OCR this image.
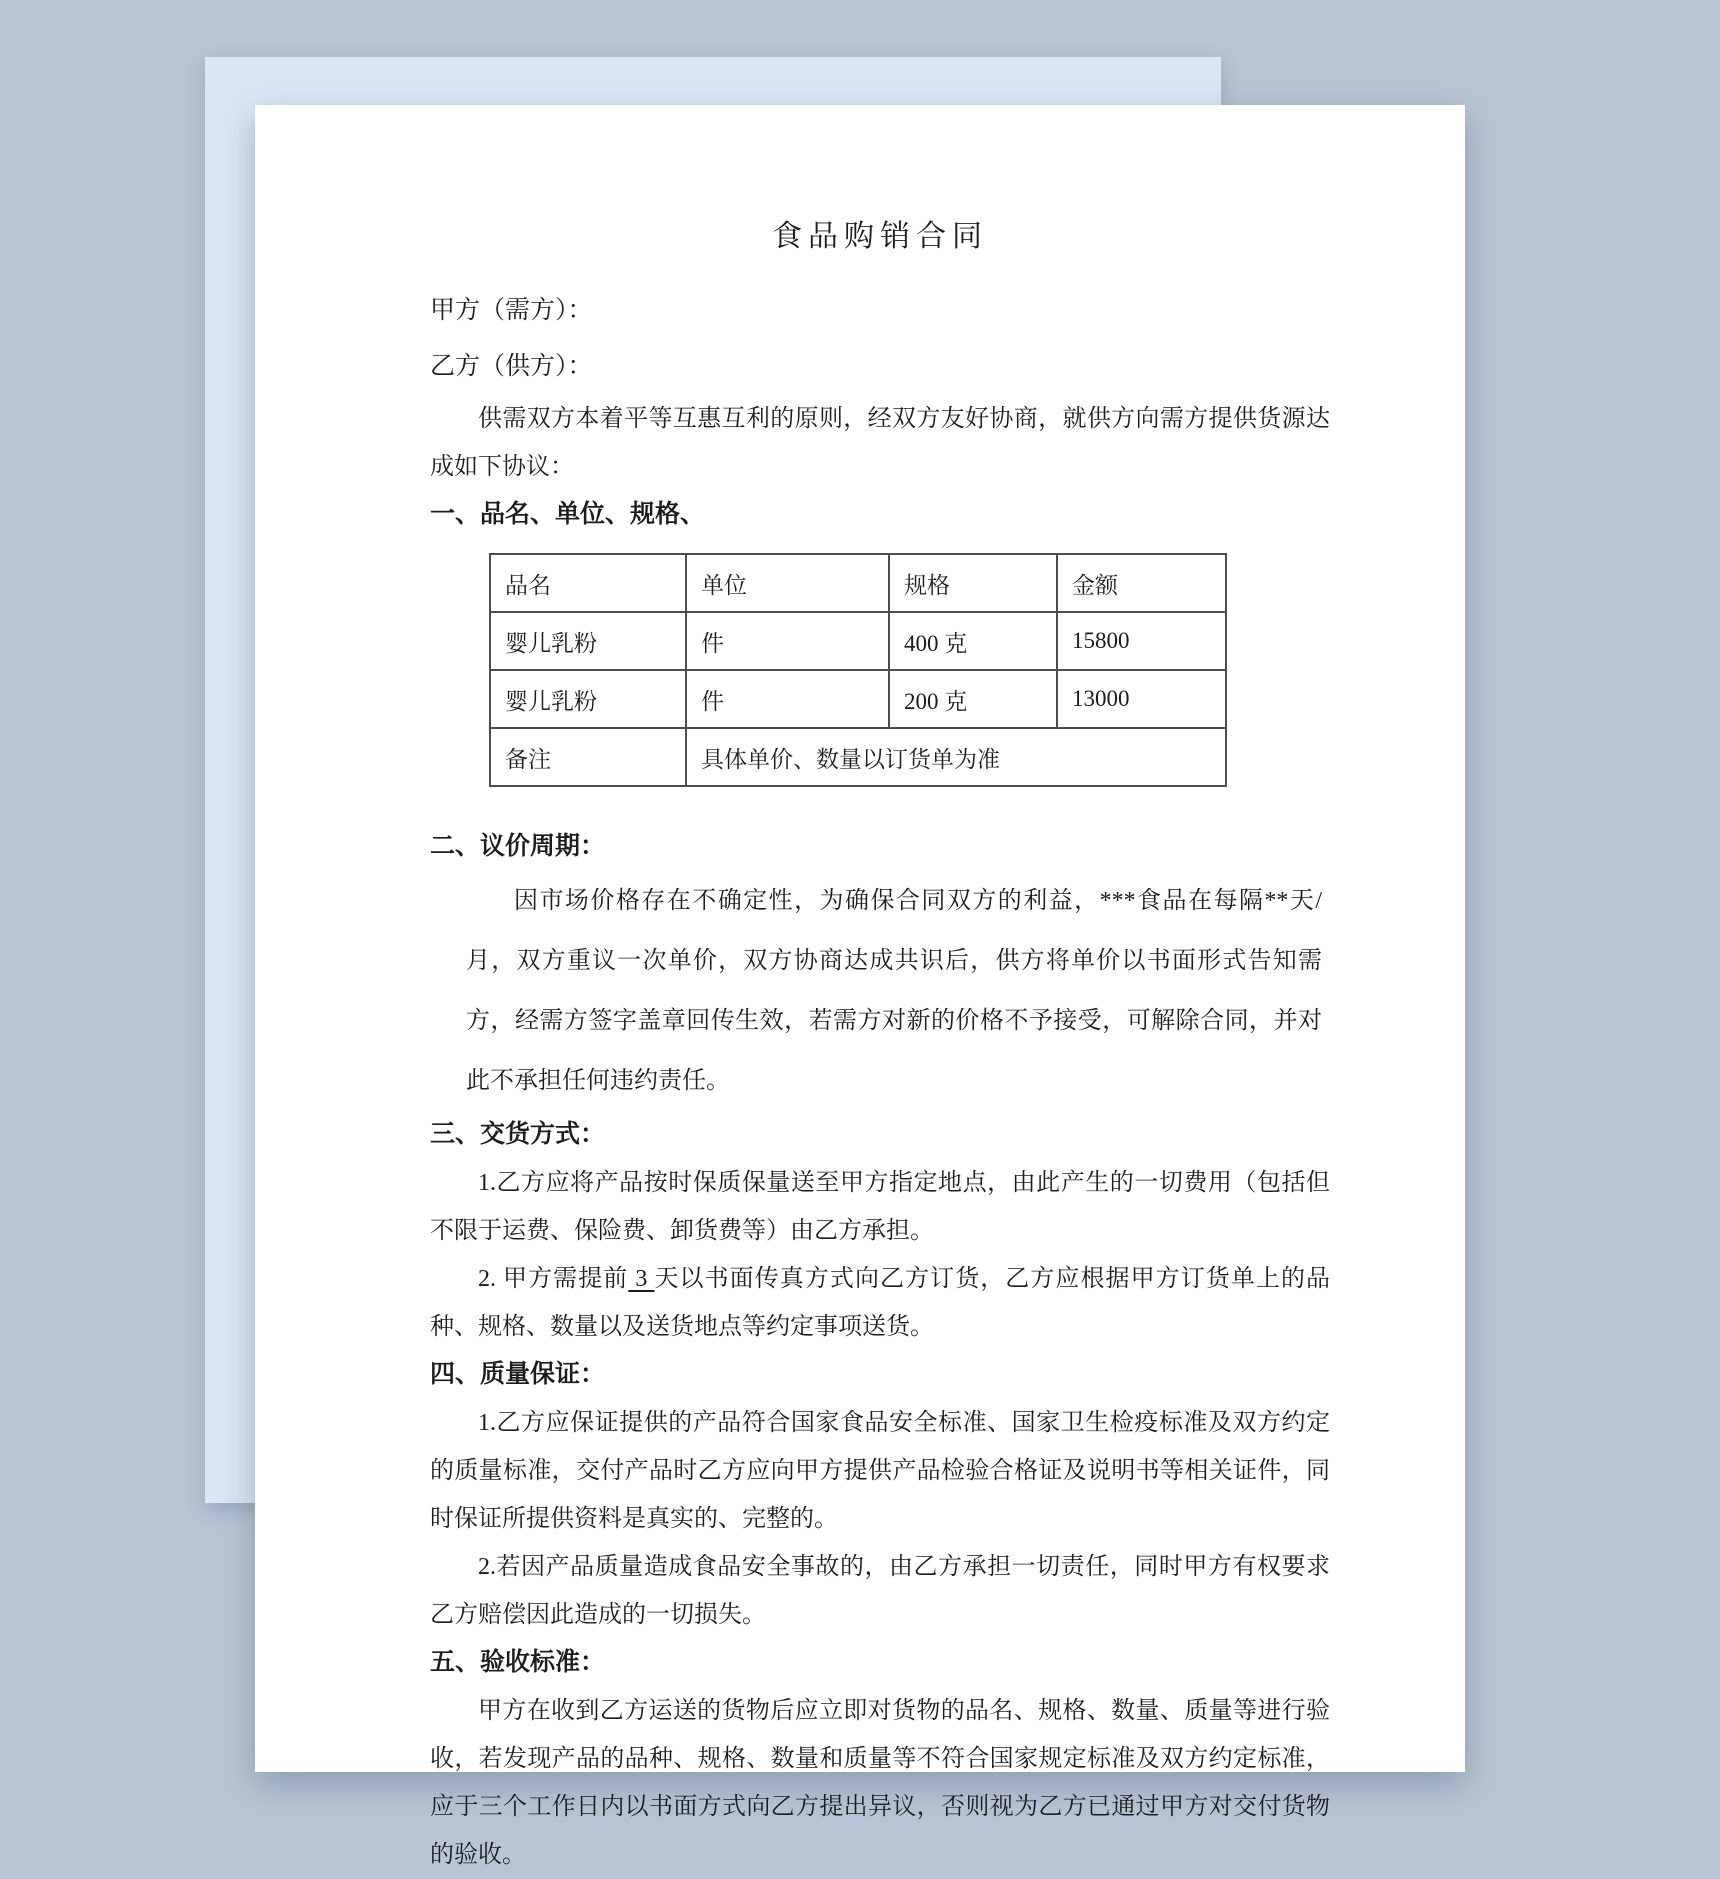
食品购销合同

甲方（需方）：

乙方（供方）：

供需双方本着平等互惠互利的原则，经双方友好协商，就供方向需方提供货源达成如下协议：

一、品名、单位、规格、
品名	单位	规格	金额
婴儿乳粉	件	400 克	15800
婴儿乳粉	件	200 克	13000
备注	具体单价、数量以订货单为准		
二、议价周期：

因市场价格存在不确定性，为确保合同双方的利益，***食品在每隔**天/月，双方重议一次单价，双方协商达成共识后，供方将单价以书面形式告知需方，经需方签字盖章回传生效，若需方对新的价格不予接受，可解除合同，并对此不承担任何违约责任。

三、交货方式：

1.乙方应将产品按时保质保量送至甲方指定地点，由此产生的一切费用（包括但不限于运费、保险费、卸货费等）由乙方承担。

2. 甲方需提前 3 天以书面传真方式向乙方订货，乙方应根据甲方订货单上的品种、规格、数量以及送货地点等约定事项送货。

四、质量保证：

1.乙方应保证提供的产品符合国家食品安全标准、国家卫生检疫标准及双方约定的质量标准，交付产品时乙方应向甲方提供产品检验合格证及说明书等相关证件，同时保证所提供资料是真实的、完整的。

2.若因产品质量造成食品安全事故的，由乙方承担一切责任，同时甲方有权要求乙方赔偿因此造成的一切损失。

五、验收标准：

甲方在收到乙方运送的货物后应立即对货物的品名、规格、数量、质量等进行验收，若发现产品的品种、规格、数量和质量等不符合国家规定标准及双方约定标准，应于三个工作日内以书面方式向乙方提出异议，否则视为乙方已通过甲方对交付货物的验收。
